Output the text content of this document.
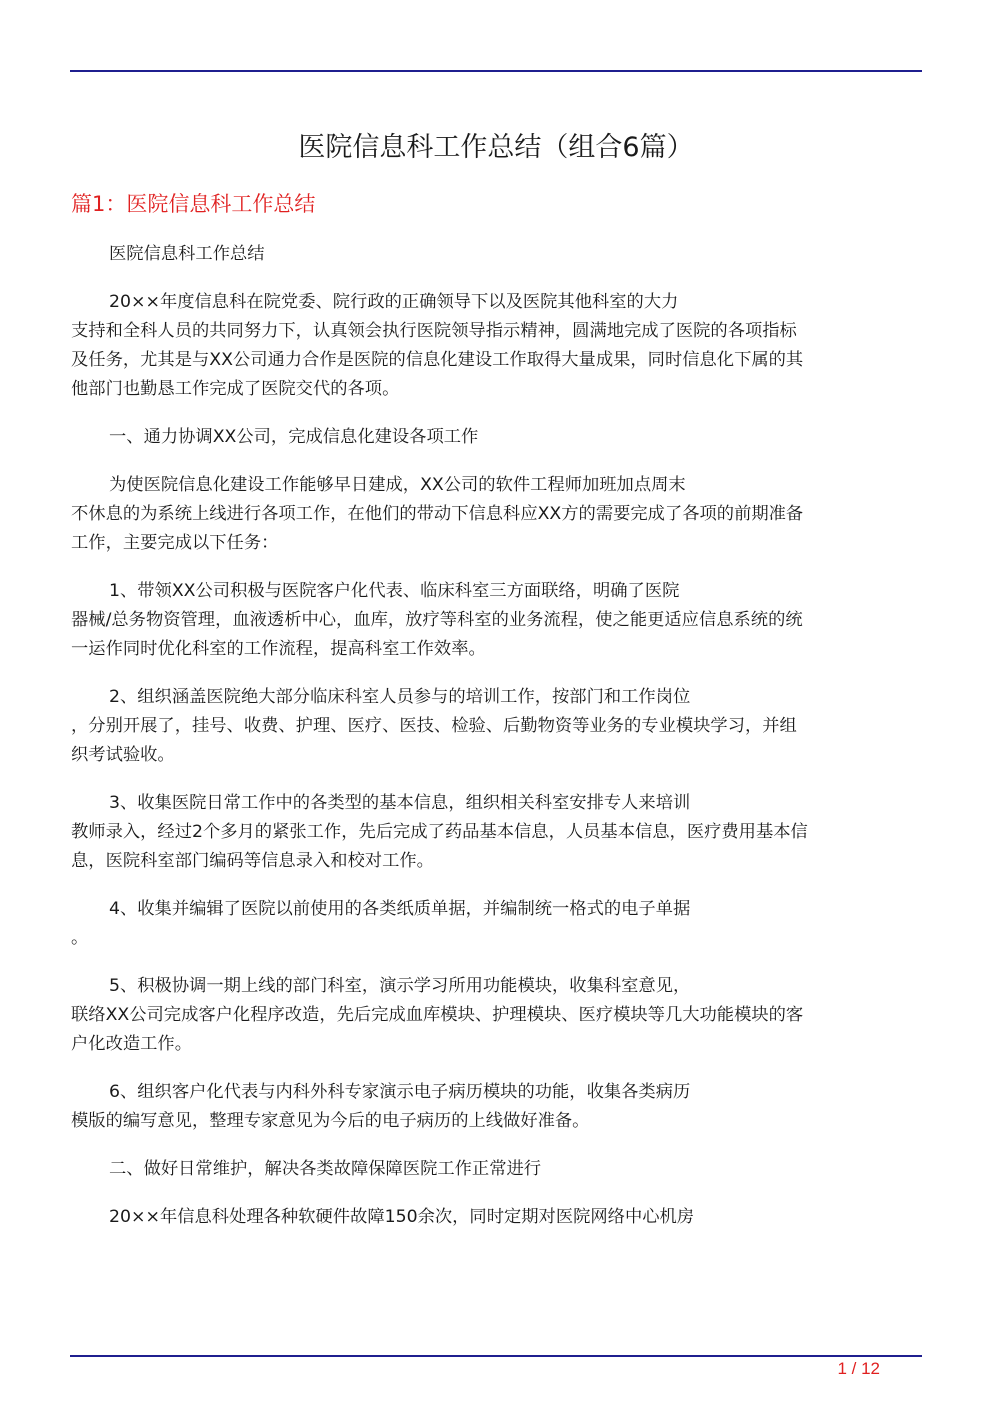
医院信息科工作总结（组合6篇）
篇1：医院信息科工作总结
医院信息科工作总结
20××年度信息科在院党委、院行政的正确领导下以及医院其他科室的大力
支持和全科人员的共同努力下，认真领会执行医院领导指示精神，圆满地完成了医院的各项指标
及任务，尤其是与XX公司通力合作是医院的信息化建设工作取得大量成果，同时信息化下属的其
他部门也勤恳工作完成了医院交代的各项。
一、通力协调XX公司，完成信息化建设各项工作
为使医院信息化建设工作能够早日建成，XX公司的软件工程师加班加点周末
不休息的为系统上线进行各项工作，在他们的带动下信息科应XX方的需要完成了各项的前期准备
工作，主要完成以下任务：
1、带领XX公司积极与医院客户化代表、临床科室三方面联络，明确了医院
器械/总务物资管理，血液透析中心，血库，放疗等科室的业务流程，使之能更适应信息系统的统
一运作同时优化科室的工作流程，提高科室工作效率。
2、组织涵盖医院绝大部分临床科室人员参与的培训工作，按部门和工作岗位
，分别开展了，挂号、收费、护理、医疗、医技、检验、后勤物资等业务的专业模块学习，并组
织考试验收。
3、收集医院日常工作中的各类型的基本信息，组织相关科室安排专人来培训
教师录入，经过2个多月的紧张工作，先后完成了药品基本信息，人员基本信息，医疗费用基本信
息，医院科室部门编码等信息录入和校对工作。
4、收集并编辑了医院以前使用的各类纸质单据，并编制统一格式的电子单据
。
5、积极协调一期上线的部门科室，演示学习所用功能模块，收集科室意见，
联络XX公司完成客户化程序改造，先后完成血库模块、护理模块、医疗模块等几大功能模块的客
户化改造工作。
6、组织客户化代表与内科外科专家演示电子病历模块的功能，收集各类病历
模版的编写意见，整理专家意见为今后的电子病历的上线做好准备。
二、做好日常维护，解决各类故障保障医院工作正常进行
20××年信息科处理各种软硬件故障150余次，同时定期对医院网络中心机房
1 / 12
